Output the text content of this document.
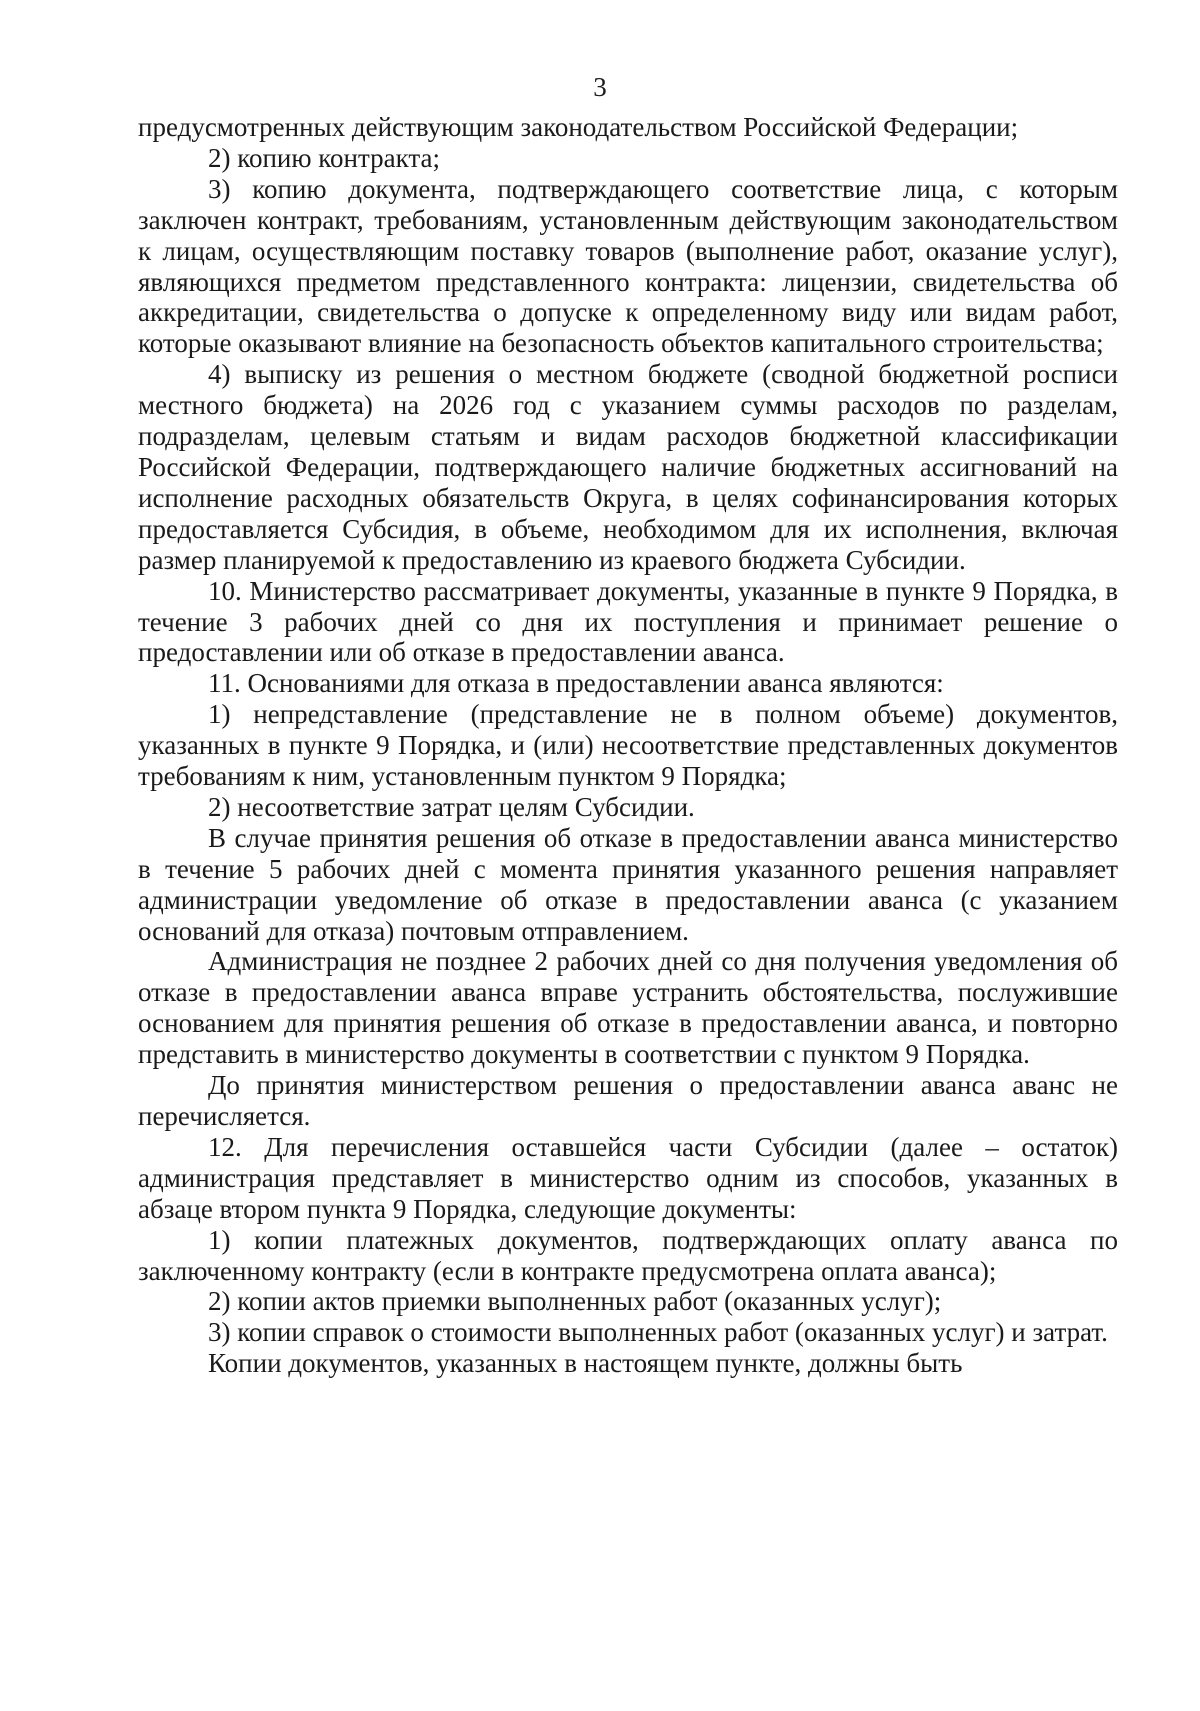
3

предусмотренных действующим законодательством Российской Федерации;

2) копию контракта;

3) копию документа, подтверждающего соответствие лица, с которым заключен контракт, требованиям, установленным действующим законодательством к лицам, осуществляющим поставку товаров (выполнение работ, оказание услуг), являющихся предметом представленного контракта: лицензии, свидетельства об аккредитации, свидетельства о допуске к определенному виду или видам работ, которые оказывают влияние на безопасность объектов капитального строительства;

4) выписку из решения о местном бюджете (сводной бюджетной росписи местного бюджета) на 2026 год с указанием суммы расходов по разделам, подразделам, целевым статьям и видам расходов бюджетной классификации Российской Федерации, подтверждающего наличие бюджетных ассигнований на исполнение расходных обязательств Округа, в целях софинансирования которых предоставляется Субсидия, в объеме, необходимом для их исполнения, включая размер планируемой к предоставлению из краевого бюджета Субсидии.

10. Министерство рассматривает документы, указанные в пункте 9 Порядка, в течение 3 рабочих дней со дня их поступления и принимает решение о предоставлении или об отказе в предоставлении аванса.

11. Основаниями для отказа в предоставлении аванса являются:

1) непредставление (представление не в полном объеме) документов, указанных в пункте 9 Порядка, и (или) несоответствие представленных документов требованиям к ним, установленным пунктом 9 Порядка;

2) несоответствие затрат целям Субсидии.

В случае принятия решения об отказе в предоставлении аванса министерство в течение 5 рабочих дней с момента принятия указанного решения направляет администрации уведомление об отказе в предоставлении аванса (с указанием оснований для отказа) почтовым отправлением.

Администрация не позднее 2 рабочих дней со дня получения уведомления об отказе в предоставлении аванса вправе устранить обстоятельства, послужившие основанием для принятия решения об отказе в предоставлении аванса, и повторно представить в министерство документы в соответствии с пунктом 9 Порядка.

До принятия министерством решения о предоставлении аванса аванс не перечисляется.

12. Для перечисления оставшейся части Субсидии (далее – остаток) администрация представляет в министерство одним из способов, указанных в абзаце втором пункта 9 Порядка, следующие документы:

1) копии платежных документов, подтверждающих оплату аванса по заключенному контракту (если в контракте предусмотрена оплата аванса);

2) копии актов приемки выполненных работ (оказанных услуг);

3) копии справок о стоимости выполненных работ (оказанных услуг) и затрат.

Копии документов, указанных в настоящем пункте, должны быть
